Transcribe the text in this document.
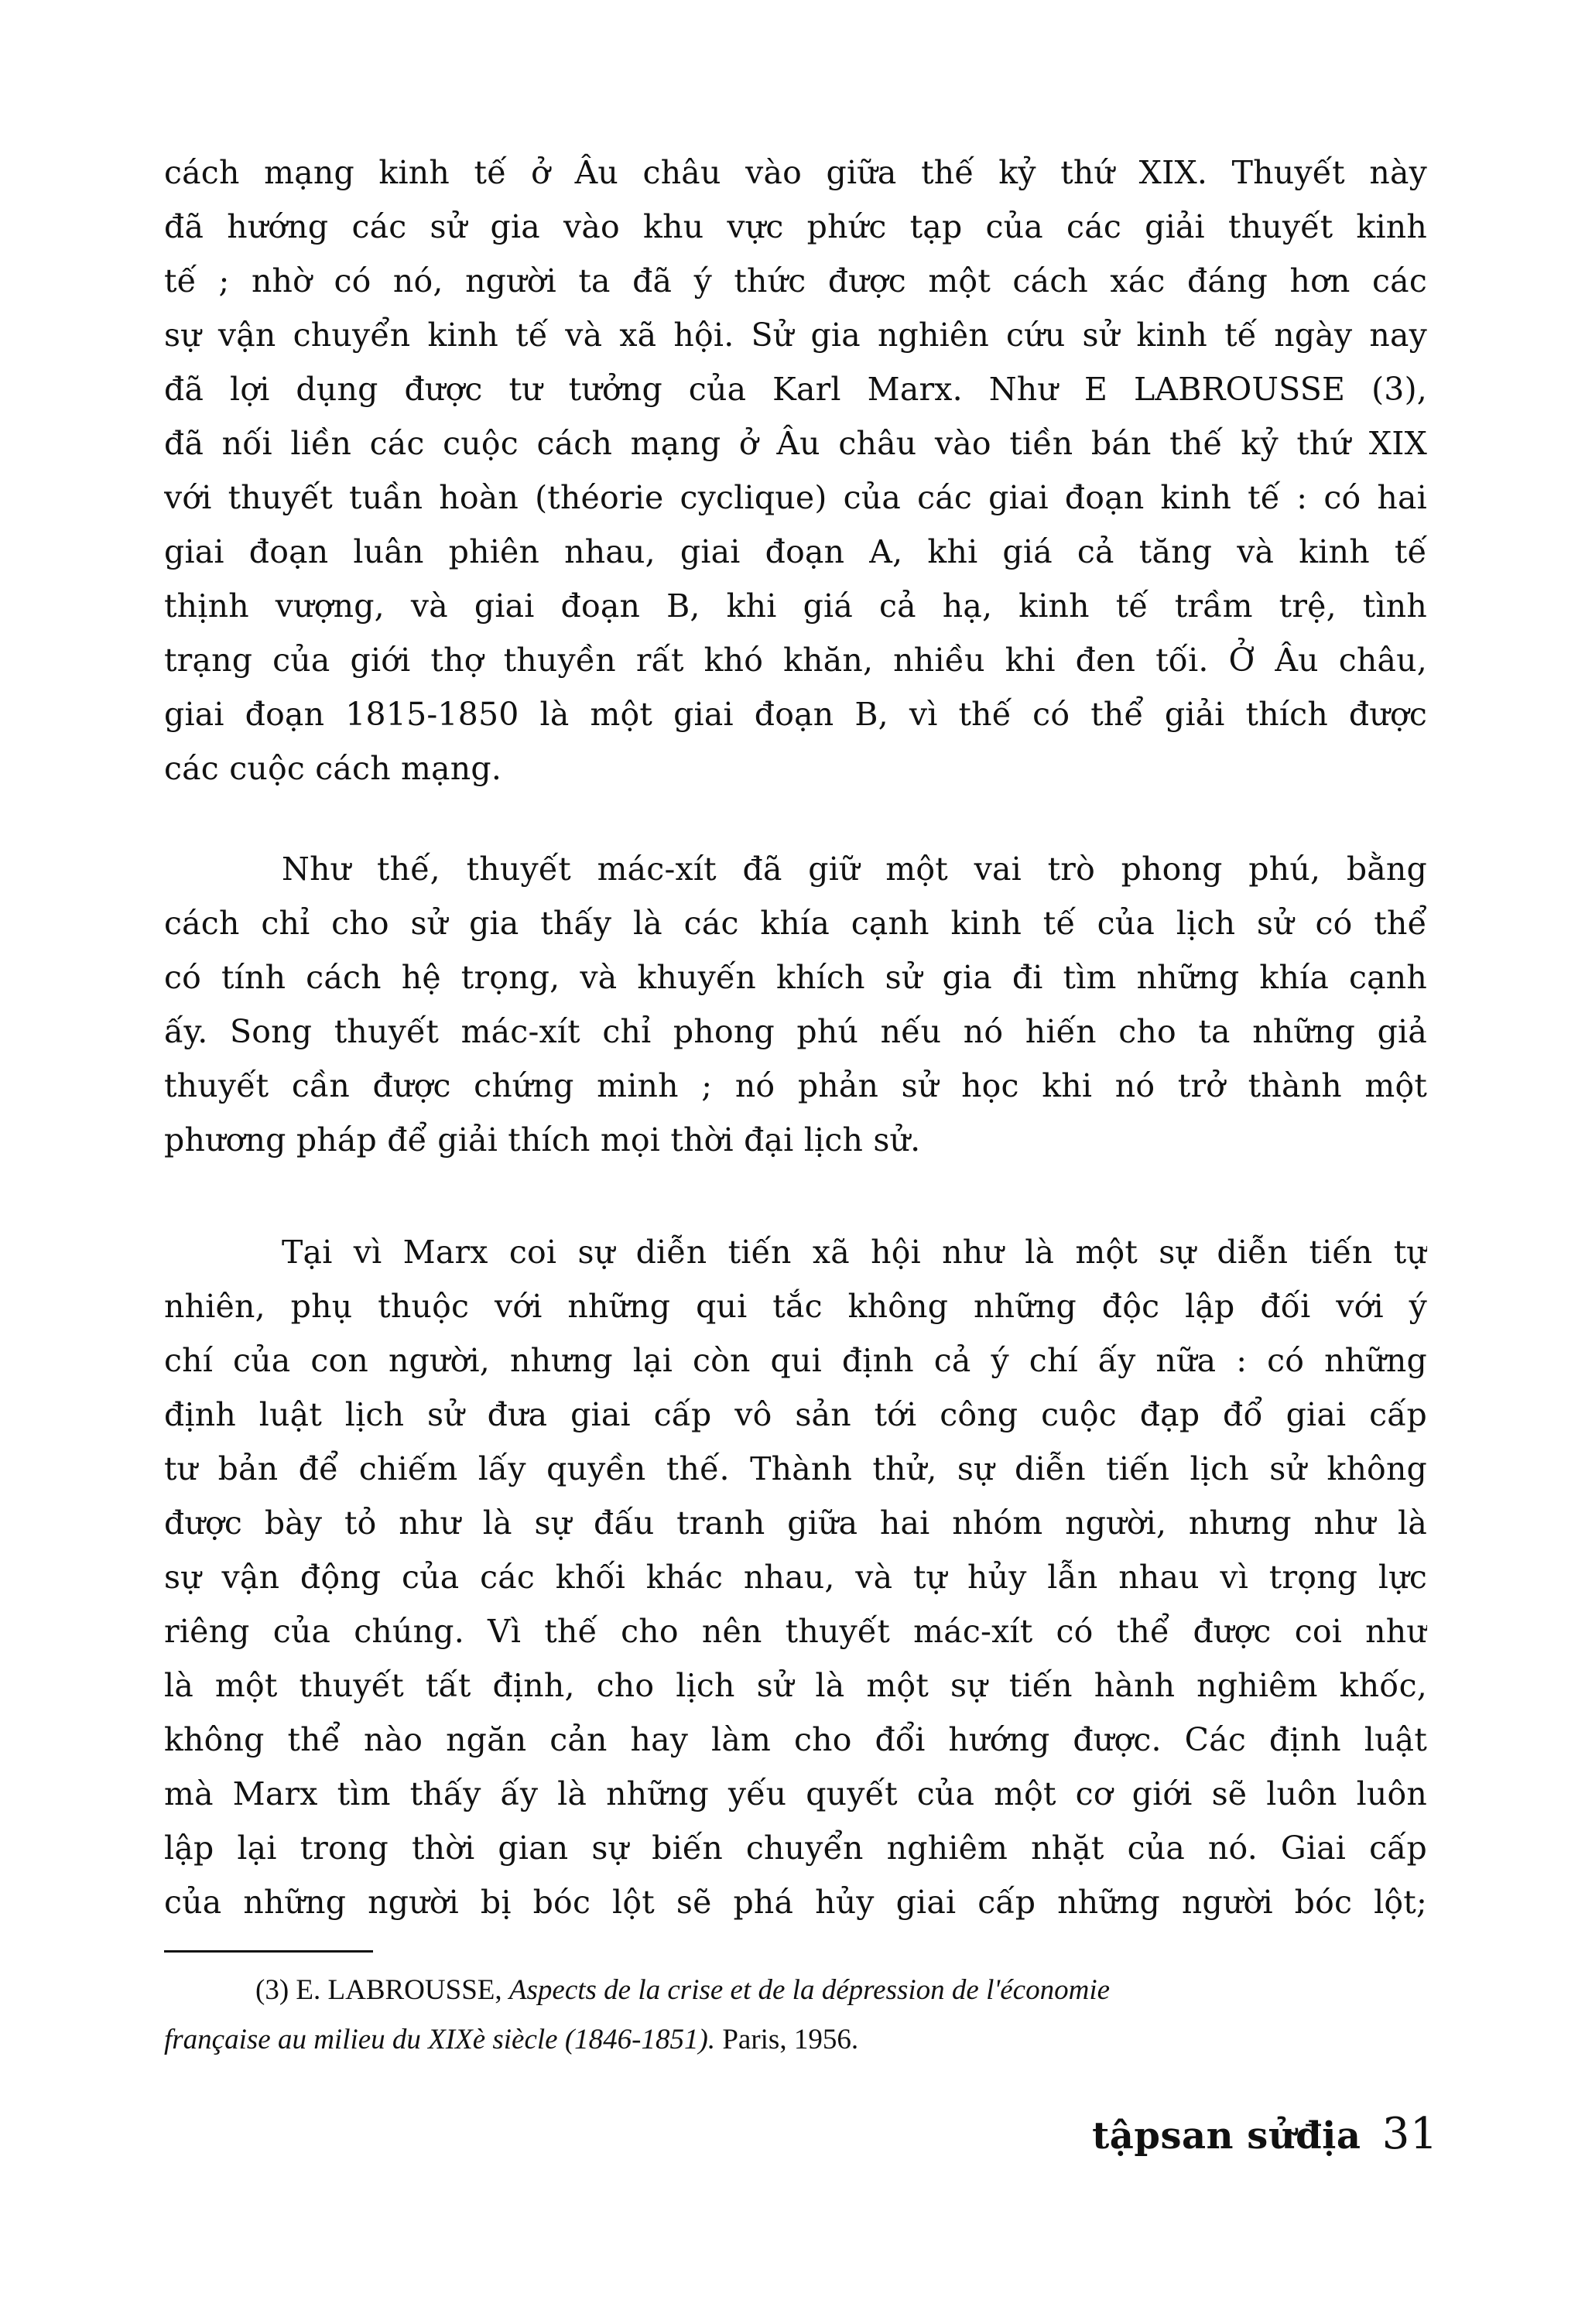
cách mạng kinh tế ở Âu châu vào giữa thế kỷ thứ XIX. Thuyết này
đã hướng các sử gia vào khu vực phức tạp của các giải thuyết kinh
tế ; nhờ có nó, người ta đã ý thức được một cách xác đáng hơn các
sự vận chuyển kinh tế và xã hội. Sử gia nghiên cứu sử kinh tế ngày nay
đã lợi dụng được tư tưởng của Karl Marx. Như E LABROUSSE (3),
đã nối liền các cuộc cách mạng ở Âu châu vào tiền bán thế kỷ thứ XIX
với thuyết tuần hoàn (théorie cyclique) của các giai đoạn kinh tế : có hai
giai đoạn luân phiên nhau, giai đoạn A, khi giá cả tăng và kinh tế
thịnh vượng, và giai đoạn B, khi giá cả hạ, kinh tế trầm trệ, tình
trạng của giới thợ thuyền rất khó khăn, nhiều khi đen tối. Ở Âu châu,
giai đoạn 1815-1850 là một giai đoạn B, vì thế có thể giải thích được
các cuộc cách mạng.
Như thế, thuyết mác-xít đã giữ một vai trò phong phú, bằng
cách chỉ cho sử gia thấy là các khía cạnh kinh tế của lịch sử có thể
có tính cách hệ trọng, và khuyến khích sử gia đi tìm những khía cạnh
ấy. Song thuyết mác-xít chỉ phong phú nếu nó hiến cho ta những giả
thuyết cần được chứng minh ; nó phản sử học khi nó trở thành một
phương pháp để giải thích mọi thời đại lịch sử.
Tại vì Marx coi sự diễn tiến xã hội như là một sự diễn tiến tự
nhiên, phụ thuộc với những qui tắc không những độc lập đối với ý
chí của con người, nhưng lại còn qui định cả ý chí ấy nữa : có những
định luật lịch sử đưa giai cấp vô sản tới công cuộc đạp đổ giai cấp
tư bản để chiếm lấy quyền thế. Thành thử, sự diễn tiến lịch sử không
được bày tỏ như là sự đấu tranh giữa hai nhóm người, nhưng như là
sự vận động của các khối khác nhau, và tự hủy lẫn nhau vì trọng lực
riêng của chúng. Vì thế cho nên thuyết mác-xít có thể được coi như
là một thuyết tất định, cho lịch sử là một sự tiến hành nghiêm khốc,
không thể nào ngăn cản hay làm cho đổi hướng được. Các định luật
mà Marx tìm thấy ấy là những yếu quyết của một cơ giới sẽ luôn luôn
lập lại trong thời gian sự biến chuyển nghiêm nhặt của nó. Giai cấp
của những người bị bóc lột sẽ phá hủy giai cấp những người bóc lột;
(3) E. LABROUSSE, Aspects de la crise et de la dépression de l'économie
française au milieu du XIXè siècle (1846-1851). Paris, 1956.
tậpsan sửđịa 31
